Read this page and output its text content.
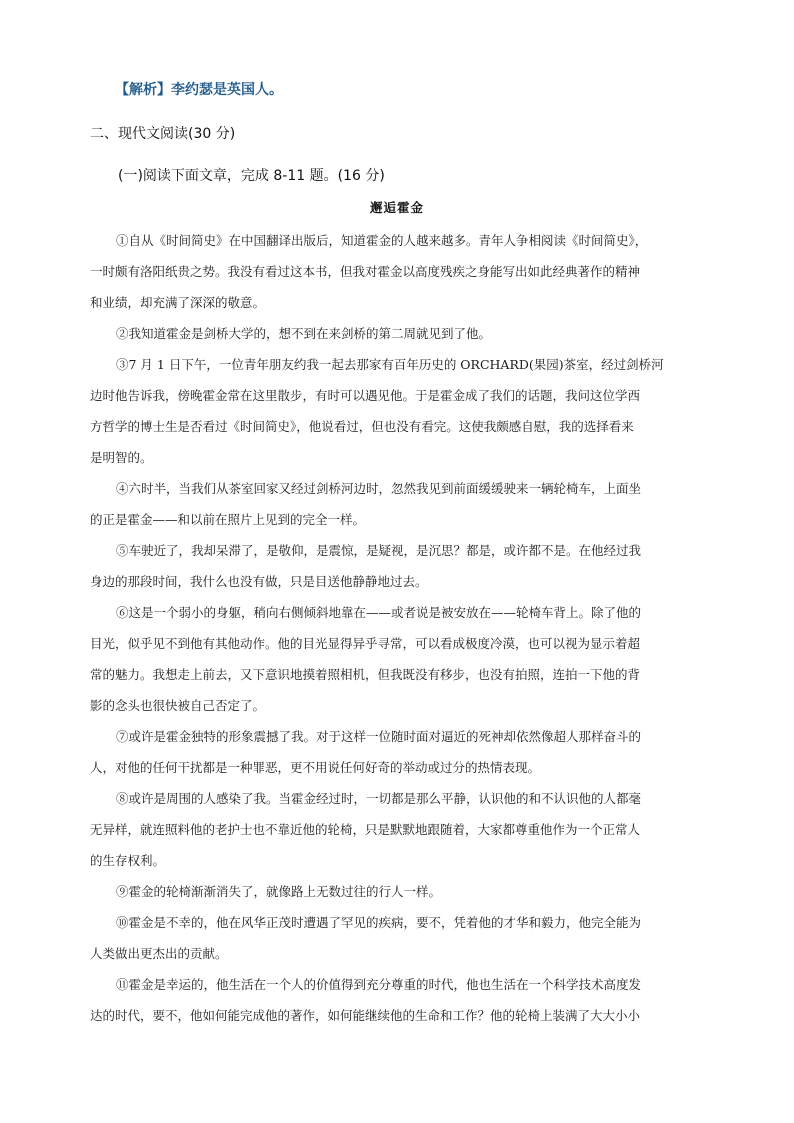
【解析】李约瑟是英国人。
二、现代文阅读(30 分)
(一)阅读下面文章，完成 8-11 题。(16 分)
邂逅霍金
①自从《时间简史》在中国翻译出版后，知道霍金的人越来越多。青年人争相阅读《时间简史》，
一时颇有洛阳纸贵之势。我没有看过这本书，但我对霍金以高度残疾之身能写出如此经典著作的精神
和业绩，却充满了深深的敬意。
②我知道霍金是剑桥大学的，想不到在来剑桥的第二周就见到了他。
③7 月 1 日下午，一位青年朋友约我一起去那家有百年历史的 ORCHARD(果园)茶室，经过剑桥河
边时他告诉我，傍晚霍金常在这里散步，有时可以遇见他。于是霍金成了我们的话题，我问这位学西
方哲学的博士生是否看过《时间简史》，他说看过，但也没有看完。这使我颇感自慰，我的选择看来
是明智的。
④六时半，当我们从茶室回家又经过剑桥河边时，忽然我见到前面缓缓驶来一辆轮椅车，上面坐
的正是霍金——和以前在照片上见到的完全一样。
⑤车驶近了，我却呆滞了，是敬仰，是震惊，是疑视，是沉思？都是，或许都不是。在他经过我
身边的那段时间，我什么也没有做，只是目送他静静地过去。
⑥这是一个弱小的身躯，稍向右侧倾斜地靠在——或者说是被安放在——轮椅车背上。除了他的
目光，似乎见不到他有其他动作。他的目光显得异乎寻常，可以看成极度冷漠，也可以视为显示着超
常的魅力。我想走上前去，又下意识地摸着照相机，但我既没有移步，也没有拍照，连拍一下他的背
影的念头也很快被自己否定了。
⑦或许是霍金独特的形象震撼了我。对于这样一位随时面对逼近的死神却依然像超人那样奋斗的
人，对他的任何干扰都是一种罪恶，更不用说任何好奇的举动或过分的热情表现。
⑧或许是周围的人感染了我。当霍金经过时，一切都是那么平静，认识他的和不认识他的人都毫
无异样，就连照料他的老护士也不靠近他的轮椅，只是默默地跟随着，大家都尊重他作为一个正常人
的生存权利。
⑨霍金的轮椅渐渐消失了，就像路上无数过往的行人一样。
⑩霍金是不幸的，他在风华正茂时遭遇了罕见的疾病，要不，凭着他的才华和毅力，他完全能为
人类做出更杰出的贡献。
⑪霍金是幸运的，他生活在一个人的价值得到充分尊重的时代，他也生活在一个科学技术高度发
达的时代，要不，他如何能完成他的著作，如何能继续他的生命和工作？他的轮椅上装满了大大小小
